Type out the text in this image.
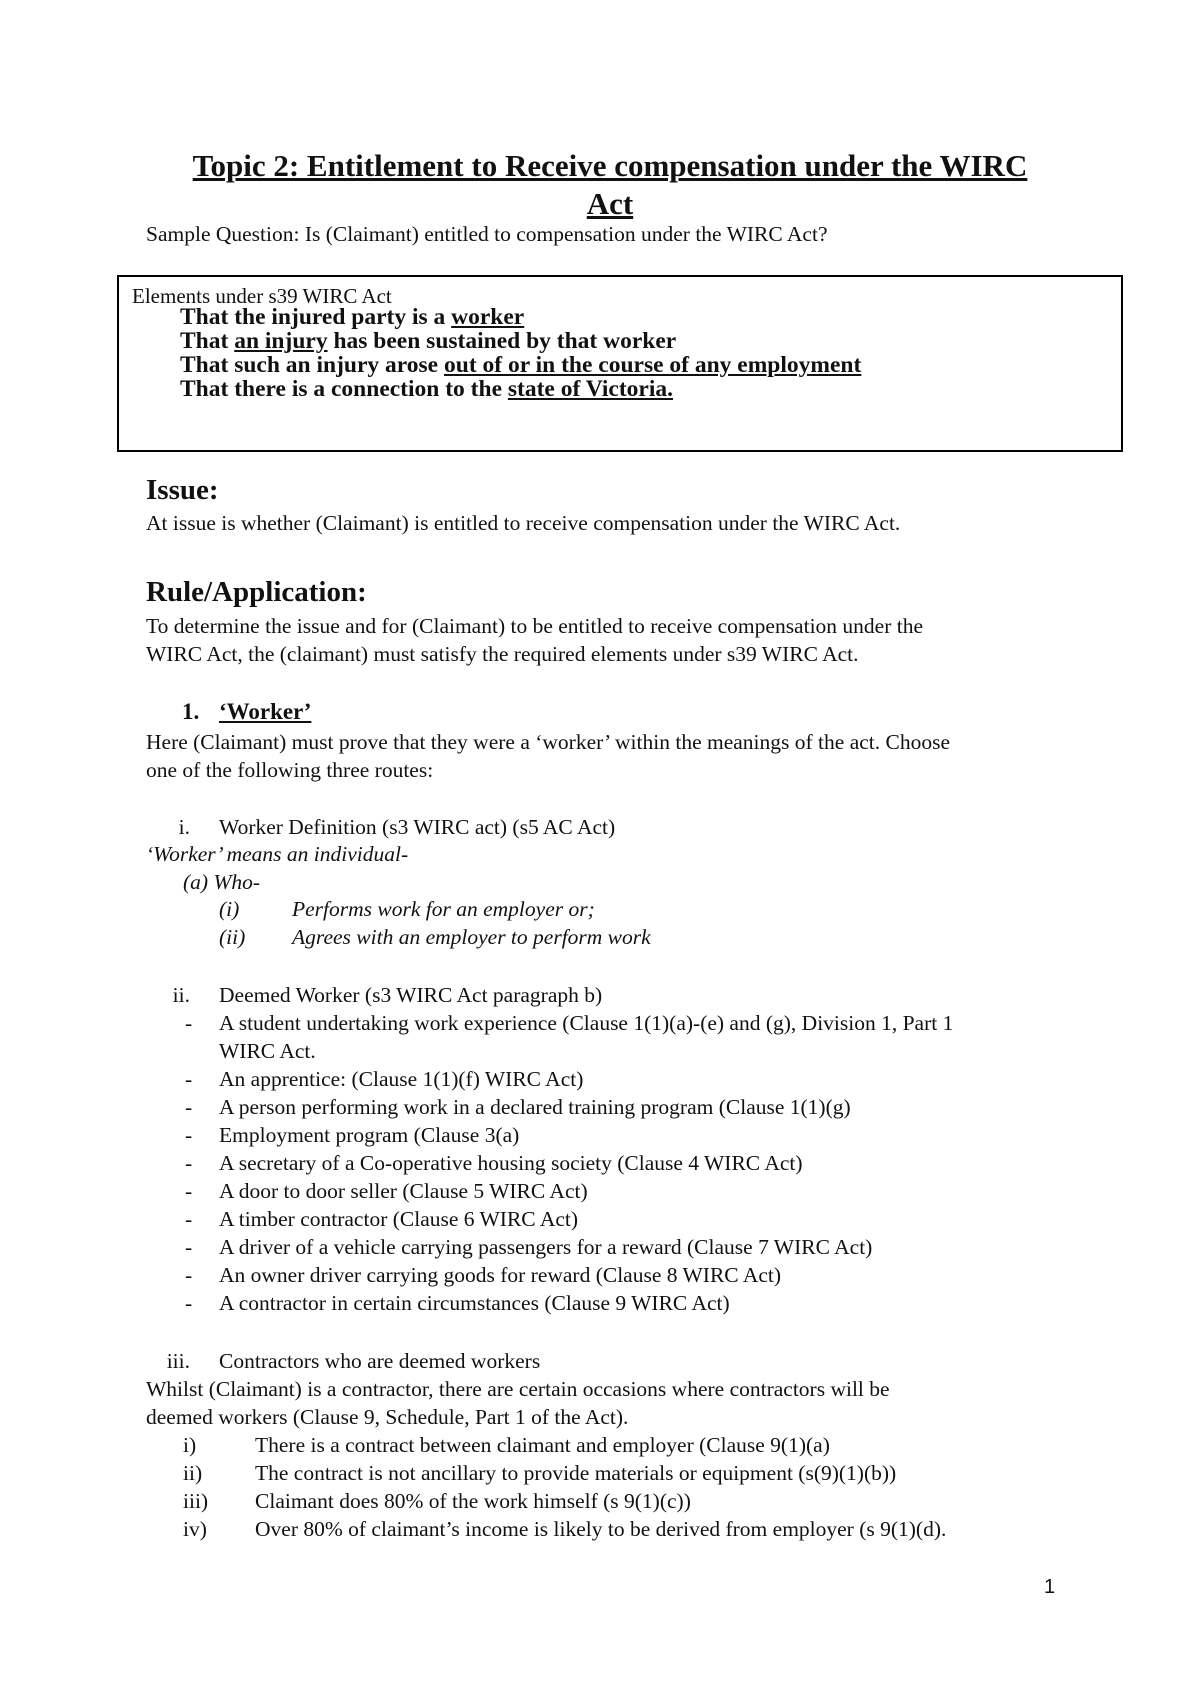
Topic 2: Entitlement to Receive compensation under the WIRC
Act
Sample Question: Is (Claimant) entitled to compensation under the WIRC Act?
Elements under s39 WIRC Act
That the injured party is a worker
That an injury has been sustained by that worker
That such an injury arose out of or in the course of any employment
That there is a connection to the state of Victoria.
Issue:
At issue is whether (Claimant) is entitled to receive compensation under the WIRC Act.
Rule/Application:
To determine the issue and for (Claimant) to be entitled to receive compensation under the
WIRC Act, the (claimant) must satisfy the required elements under s39 WIRC Act.
1. ‘Worker’
Here (Claimant) must prove that they were a ‘worker’ within the meanings of the act. Choose
one of the following three routes:
i. Worker Definition (s3 WIRC act) (s5 AC Act)
‘Worker’ means an individual-
(a) Who-
(i) Performs work for an employer or;
(ii) Agrees with an employer to perform work
ii. Deemed Worker (s3 WIRC Act paragraph b)
- A student undertaking work experience (Clause 1(1)(a)-(e) and (g), Division 1, Part 1
WIRC Act.
- An apprentice: (Clause 1(1)(f) WIRC Act)
- A person performing work in a declared training program (Clause 1(1)(g)
- Employment program (Clause 3(a)
- A secretary of a Co-operative housing society (Clause 4 WIRC Act)
- A door to door seller (Clause 5 WIRC Act)
- A timber contractor (Clause 6 WIRC Act)
- A driver of a vehicle carrying passengers for a reward (Clause 7 WIRC Act)
- An owner driver carrying goods for reward (Clause 8 WIRC Act)
- A contractor in certain circumstances (Clause 9 WIRC Act)
iii. Contractors who are deemed workers
Whilst (Claimant) is a contractor, there are certain occasions where contractors will be
deemed workers (Clause 9, Schedule, Part 1 of the Act).
i)	There is a contract between claimant and employer (Clause 9(1)(a)
ii) The contract is not ancillary to provide materials or equipment (s(9)(1)(b))
iii) Claimant does 80% of the work himself (s 9(1)(c))
iv) Over 80% of claimant’s income is likely to be derived from employer (s 9(1)(d).
1
